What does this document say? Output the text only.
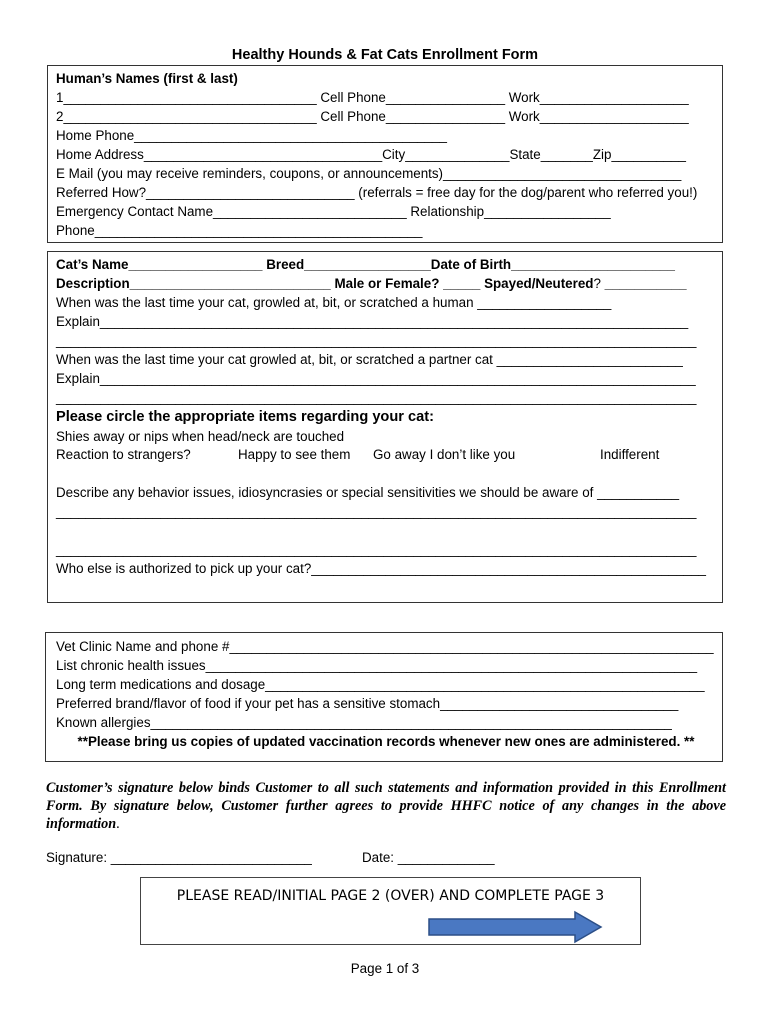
Healthy Hounds & Fat Cats Enrollment Form
Human’s Names (first & last)
1__________________________________ Cell Phone________________ Work____________________
2__________________________________ Cell Phone________________ Work____________________
Home Phone__________________________________________
Home Address________________________________City______________State_______Zip__________
E Mail (you may receive reminders, coupons, or announcements)________________________________
Referred How?____________________________ (referrals = free day for the dog/parent who referred you!)
Emergency Contact Name__________________________ Relationship_________________
Phone____________________________________________
Cat’s Name__________________ Breed_________________Date of Birth______________________
Description___________________________ Male or Female? _____ Spayed/Neutered? ___________
When was the last time your cat, growled at, bit, or scratched a human __________________
Explain_______________________________________________________________________________
______________________________________________________________________________________
When was the last time your cat growled at, bit, or scratched a partner cat _________________________
Explain________________________________________________________________________________
______________________________________________________________________________________
Please circle the appropriate items regarding your cat:
Shies away or nips when head/neck are touched
Reaction to strangers?	Happy to see them Go away I don’t like you	Indifferent
Describe any behavior issues, idiosyncrasies or special sensitivities we should be aware of ___________
______________________________________________________________________________________
______________________________________________________________________________________
Who else is authorized to pick up your cat?_____________________________________________________
Vet Clinic Name and phone #_________________________________________________________________
List chronic health issues__________________________________________________________________
Long term medications and dosage___________________________________________________________
Preferred brand/flavor of food if your pet has a sensitive stomach________________________________
Known allergies______________________________________________________________________
**Please bring us copies of updated vaccination records whenever new ones are administered. **
Customer’s signature below binds Customer to all such statements and information provided in this Enrollment Form. By signature below, Customer further agrees to provide HHFC notice of any changes in the above information.
Signature: ___________________________	Date: _____________
PLEASE READ/INITIAL PAGE 2 (OVER) AND COMPLETE PAGE 3
Page 1 of 3
